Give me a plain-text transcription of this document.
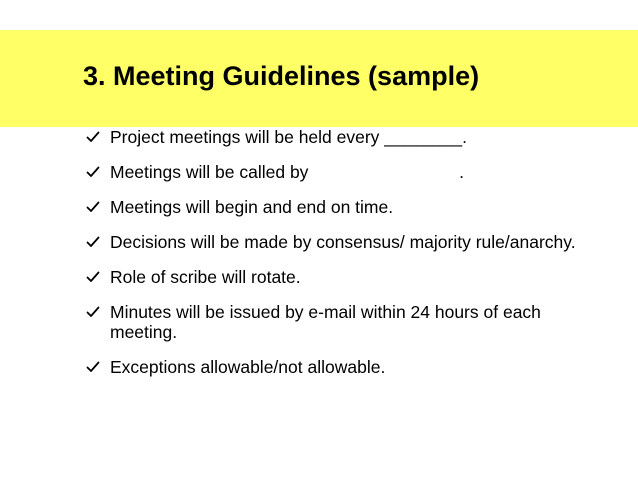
3. Meeting Guidelines (sample)
Project meetings will be held every ________.
Meetings will be called by                               .
Meetings will begin and end on time.
Decisions will be made by consensus/ majority rule/anarchy.
Role of scribe will rotate.
Minutes will be issued by e-mail within 24 hours of each meeting.
Exceptions allowable/not allowable.
